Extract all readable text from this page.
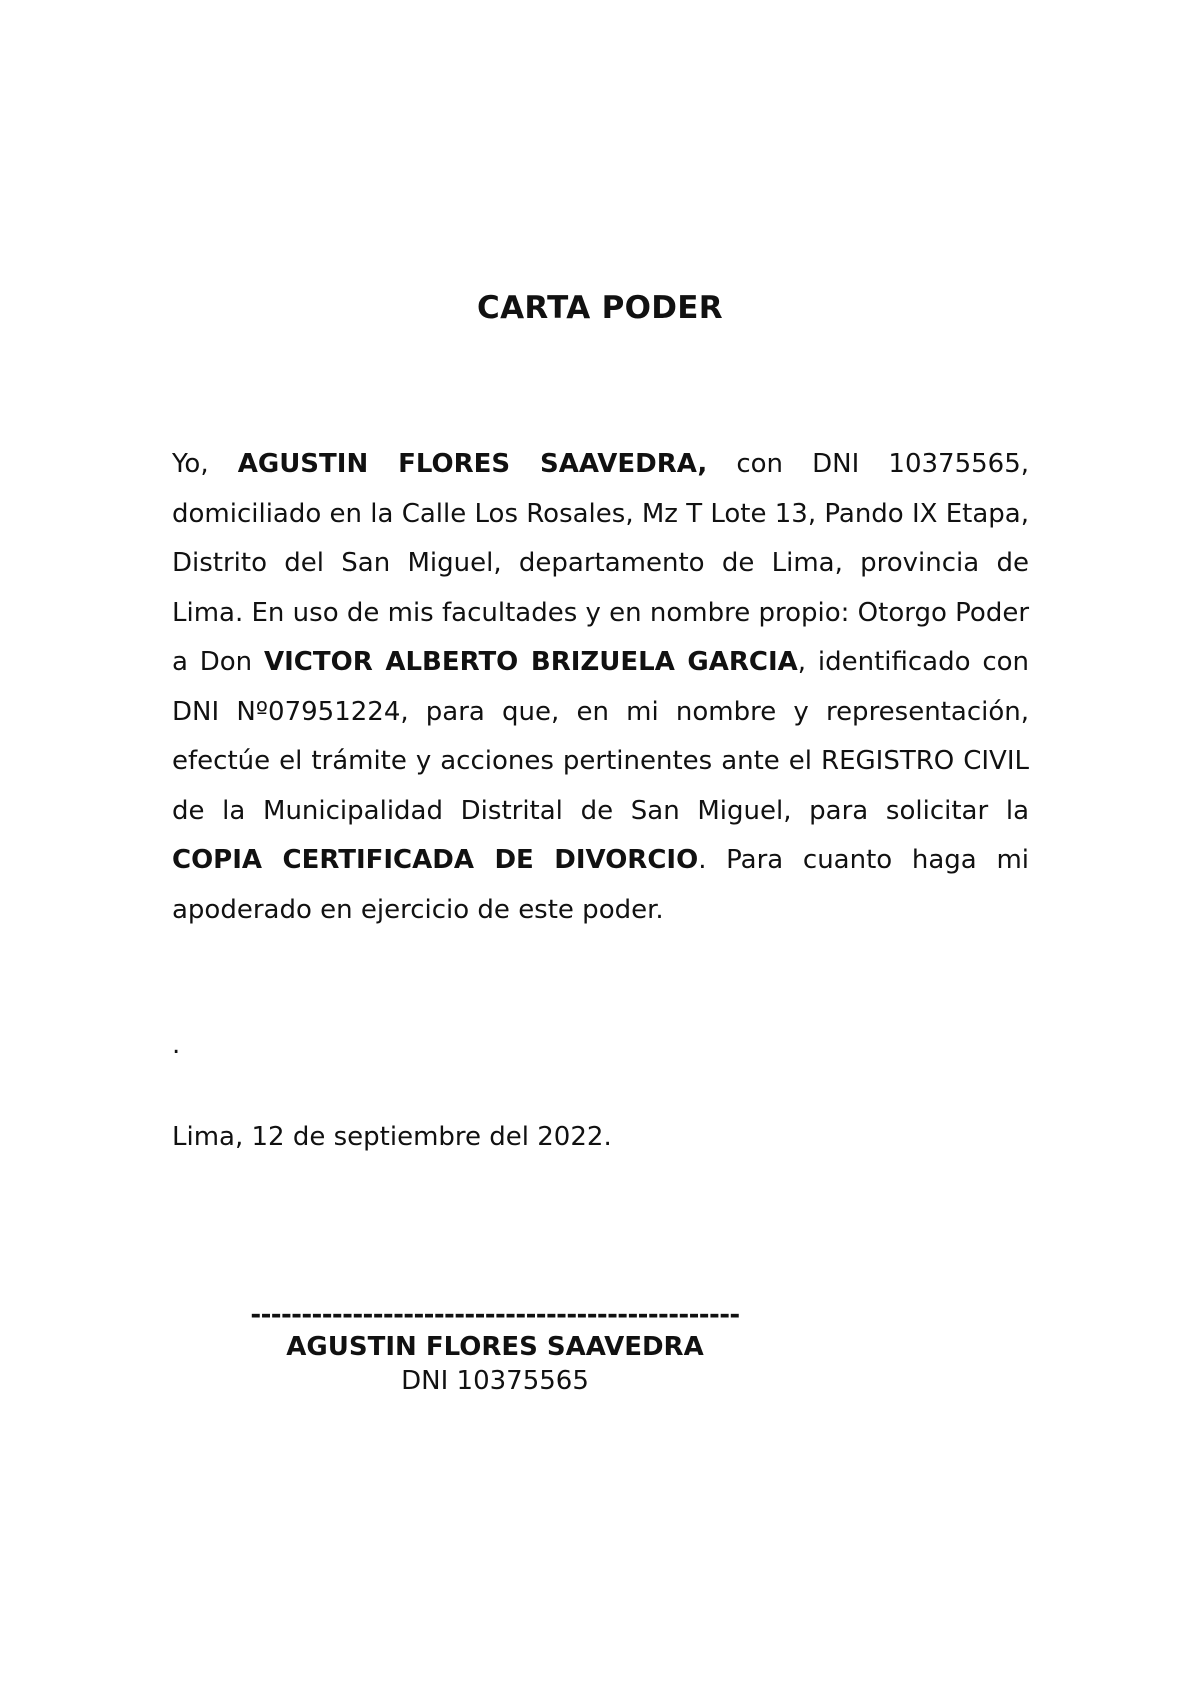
CARTA PODER
Yo, AGUSTIN FLORES SAAVEDRA, con DNI 10375565, domiciliado en la Calle Los Rosales, Mz T Lote 13, Pando IX Etapa, Distrito del San Miguel, departamento de Lima, provincia de Lima. En uso de mis facultades y en nombre propio: Otorgo Poder a Don VICTOR ALBERTO BRIZUELA GARCIA, identificado con DNI Nº07951224, para que, en mi nombre y representación, efectúe el trámite y acciones pertinentes ante el REGISTRO CIVIL de la Municipalidad Distrital de San Miguel, para solicitar la COPIA CERTIFICADA DE DIVORCIO. Para cuanto haga mi apoderado en ejercicio de este poder.
.
Lima, 12 de septiembre del 2022.
------------------------------------------------
AGUSTIN FLORES SAAVEDRA
DNI 10375565
